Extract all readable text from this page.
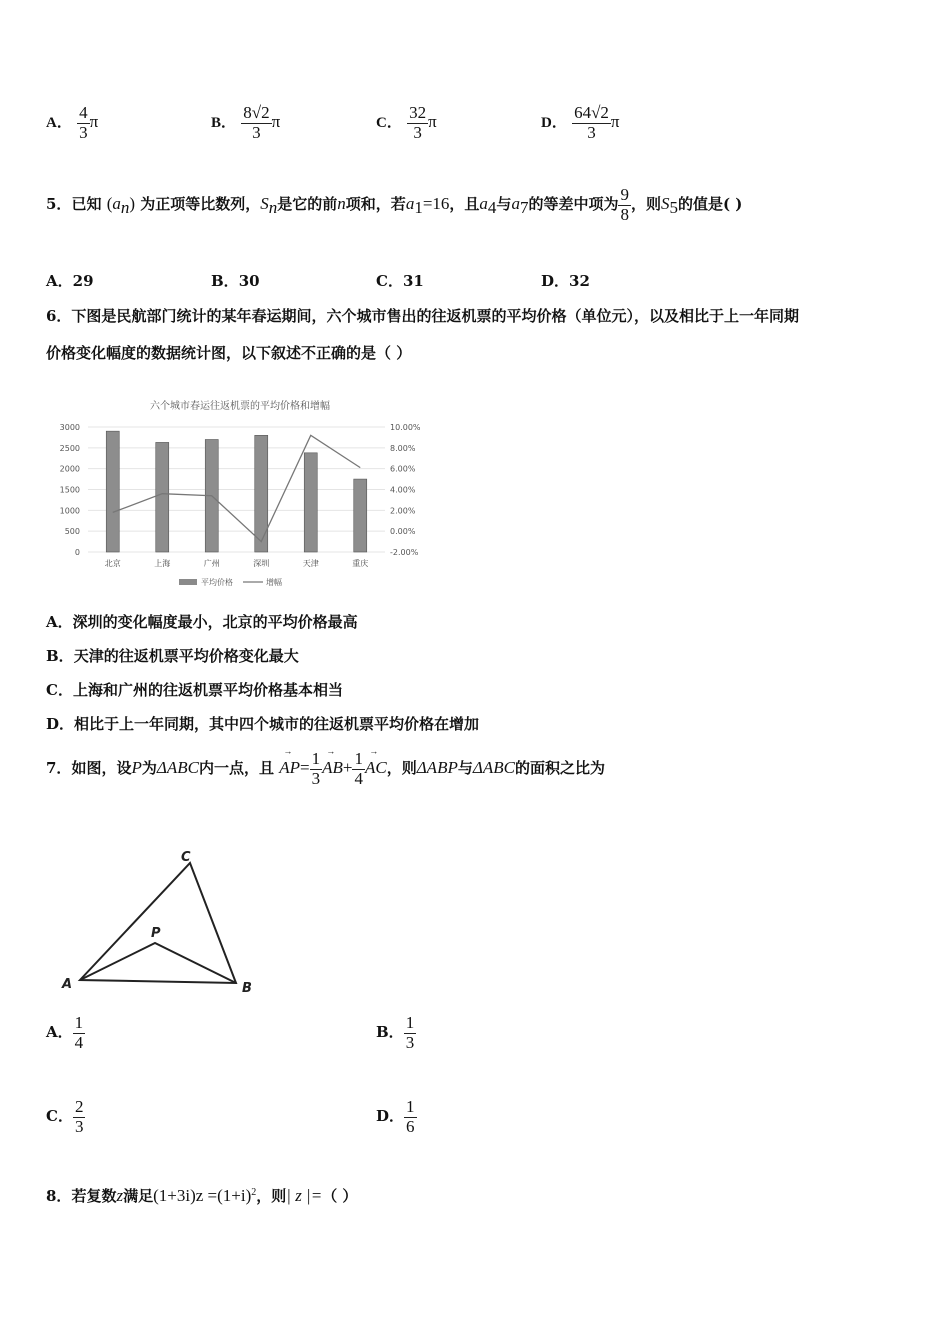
A． $\frac{4}{3}$ π	B． $\frac{8√2}{3}$ π	C． $\frac{32}{3}$ π	D． $\frac{64√2}{3}$ π
5．已知 $(a_n)$ 为正项等比数列，$S_n$是它的前n项和，若$a_1=16$，且$a_4$与$a_7$的等差中项为 $\frac{9}{8}$ ，则$S_5$的值是( )
A．29	B．30	C．31	D．32
6．下图是民航部门统计的某年春运期间，六个城市售出的往返机票的平均价格（单位元），以及相比于上一年同期
价格变化幅度的数据统计图，以下叙述不正确的是（ ）
六个城市春运往返机票的平均价格和增幅
0
500
1000
1500
2000
2500
3000
-2.00%
0.00%
2.00%
4.00%
6.00%
8.00%
10.00%
北京	上海	广州	深圳	天津	重庆
平均价格	增幅
A．深圳的变化幅度最小，北京的平均价格最高
B．天津的往返机票平均价格变化最大
C．上海和广州的往返机票平均价格基本相当
D．相比于上一年同期，其中四个城市的往返机票平均价格在增加
7．如图，设P为ΔABC内一点，且 → $AP= \frac{1}{3}$
→ $AB+ \frac{1}{4}$
→ AC，则ΔABP与ΔABC的面积之比为
A	B
C
P
A． $\frac{1}{4}$	B． $\frac{1}{3}$
C． $\frac{2}{3}$	D． $\frac{1}{6}$
8．若复数z满足$(1+3i)z =(1+i)^2$，则| z |=（ ）
